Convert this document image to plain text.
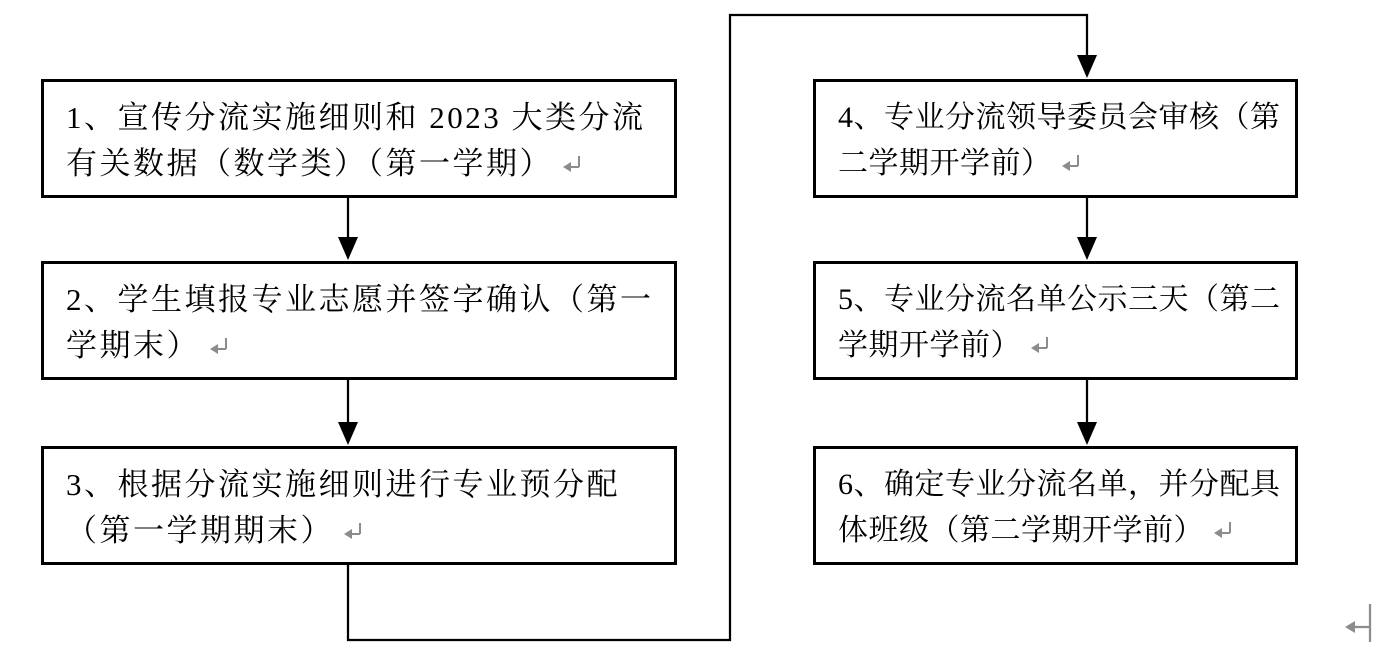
1、宣传分流实施细则和 2023 大类分流
有关数据（数学类）（第一学期）
2、学生填报专业志愿并签字确认（第一
学期末）
3、根据分流实施细则进行专业预分配
（第一学期期末）
4、专业分流领导委员会审核（第
二学期开学前）
5、专业分流名单公示三天（第二
学期开学前）
6、确定专业分流名单，并分配具
体班级（第二学期开学前）
